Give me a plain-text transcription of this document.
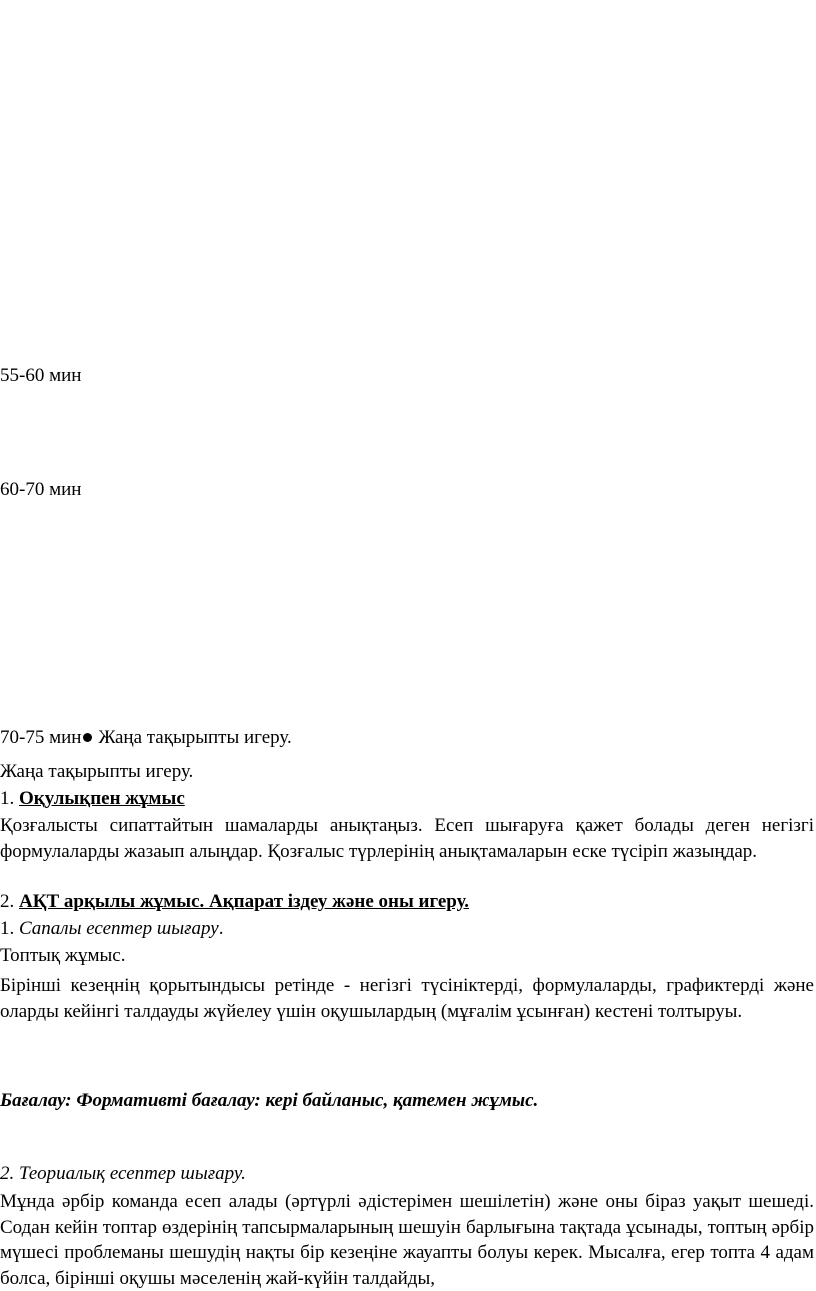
55-60 мин
60-70 мин
70-75 мин Жаңа тақырыпты игеру.
Жаңа тақырыпты игеру.
1. Оқулықпен жұмыс
Қозғалысты сипаттайтын шамаларды анықтаңыз. Есеп шығаруға қажет болады деген негізгі формулаларды жазаып алыңдар. Қозғалыс түрлерінің анықтамаларын еске түсіріп жазыңдар.
2. АҚТ арқылы жұмыс. Ақпарат іздеу және оны игеру.
1. Сапалы есептер шығару.
Топтық жұмыс.
Бірінші кезеңнің қорытындысы ретінде - негізгі түсініктерді, формулаларды, графиктерді және оларды кейінгі талдауды жүйелеу үшін оқушылардың (мұғалім ұсынған) кестені толтыруы.
Бағалау: Формативті бағалау: кері байланыс, қатемен жұмыс.
2. Теориалық есептер шығару.
Мұнда әрбір команда есеп алады (әртүрлі әдістерімен шешілетін) және оны біраз уақыт шешеді. Содан кейін топтар өздерінің тапсырмаларының шешуін барлығына тақтада ұсынады, топтың әрбір мүшесі проблеманы шешудің нақты бір кезеңіне жауапты болуы керек. Мысалға, егер топта 4 адам болса, бірінші оқушы мәселенің жай-күйін талдайды,
